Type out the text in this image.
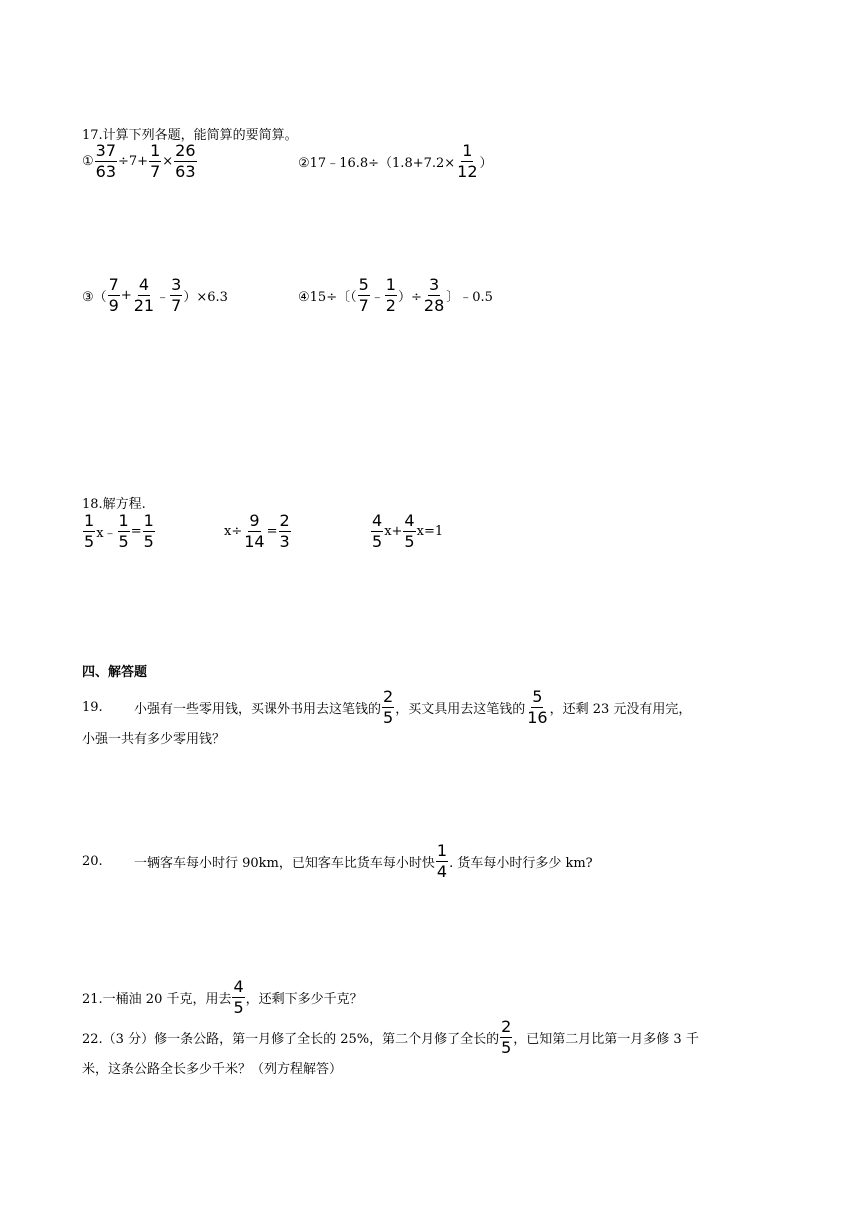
17.计算下列各题，能简算的要简算。
① $\frac{37}{63} \div 7+ \frac{1}{7} \times \frac{26}{63}$	②17﹣16.8÷（1.8+7.2× $\frac{1}{12}$ ）
③（ $\frac{7}{9} + \frac{4}{21}$ ﹣ $\frac{3}{7} )\times 6.3$	④15÷〔（ $\frac{5}{7}$ ﹣ $\frac{1}{2}$ ）÷ $\frac{3}{28}$ 〕﹣0.5
18.解方程.
$\frac{1}{5}$ x﹣ $\frac{1}{5} = \frac{1}{5}$	$x\div \frac{9}{14} = \frac{2}{3}$	$\frac{4}{5} x+ \frac{4}{5} x=1$
四、解答题
19.	小强有一些零用钱，买课外书用去这笔钱的 $\frac{2}{5}$ ，买文具用去这笔钱的 $\frac{5}{16}$ ，还剩 23 元没有用完，
小强一共有多少零用钱？
20.	一辆客车每小时行 90km，已知客车比货车每小时快 $\frac{1}{4}$ . 货车每小时行多少 km?
21.一桶油 20 千克，用去 $\frac{4}{5}$ ，还剩下多少千克？
22.（3 分）修一条公路，第一月修了全长的 25%，第二个月修了全长的 $\frac{2}{5}$ ，已知第二月比第一月多修 3 千
米，这条公路全长多少千米？（列方程解答）
